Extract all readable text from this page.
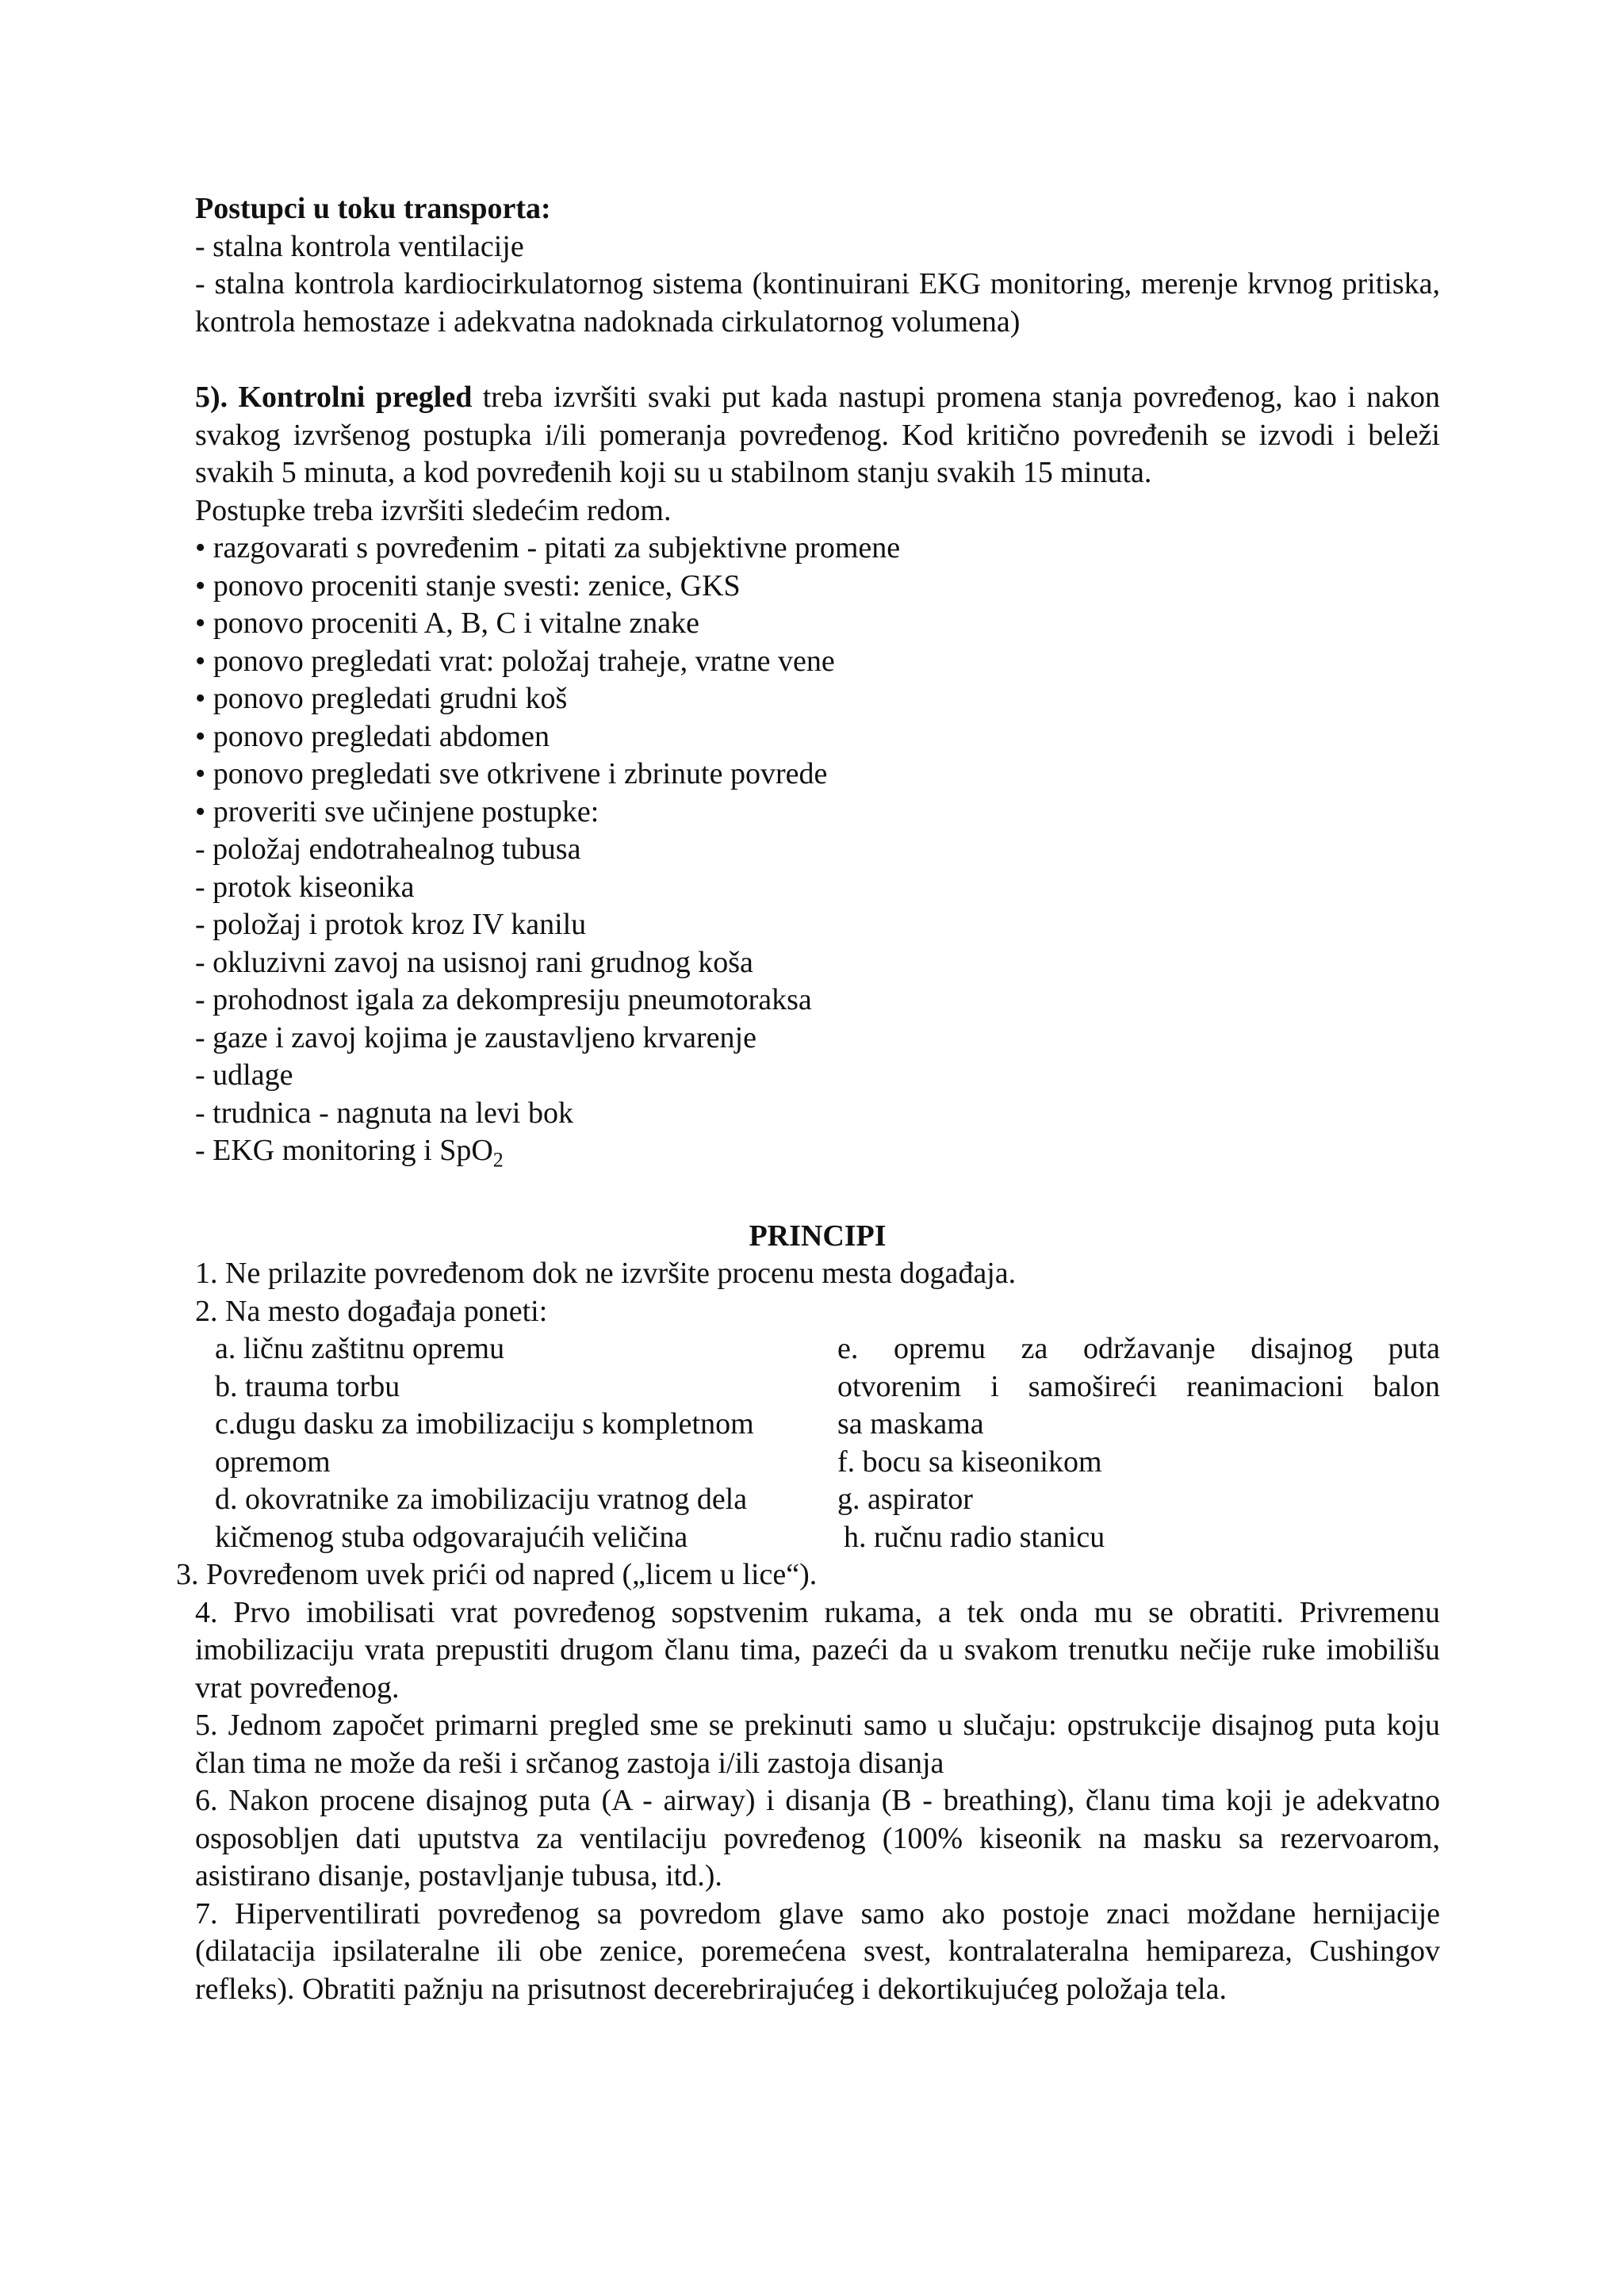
Postupci u toku transporta:
- stalna kontrola ventilacije
- stalna kontrola kardiocirkulatornog sistema (kontinuirani EKG monitoring, merenje krvnog pritiska, kontrola hemostaze i adekvatna nadoknada cirkulatornog volumena)
5). Kontrolni pregled treba izvršiti svaki put kada nastupi promena stanja povređenog, kao i nakon svakog izvršenog postupka i/ili pomeranja povređenog. Kod kritično povređenih se izvodi i beleži svakih 5 minuta, a kod povređenih koji su u stabilnom stanju svakih 15 minuta.
Postupke treba izvršiti sledećim redom.
• razgovarati s povređenim - pitati za subjektivne promene
• ponovo proceniti stanje svesti: zenice, GKS
• ponovo proceniti A, B, C i vitalne znake
• ponovo pregledati vrat: položaj traheje, vratne vene
• ponovo pregledati grudni koš
• ponovo pregledati abdomen
• ponovo pregledati sve otkrivene i zbrinute povrede
• proveriti sve učinjene postupke:
- položaj endotrahealnog tubusa
- protok kiseonika
- položaj i protok kroz IV kanilu
- okluzivni zavoj na usisnoj rani grudnog koša
- prohodnost igala za dekompresiju pneumotoraksa
- gaze i zavoj kojima je zaustavljeno krvarenje
- udlage
- trudnica - nagnuta na levi bok
- EKG monitoring i SpO$_2$
PRINCIPI
1. Ne prilazite povređenom dok ne izvršite procenu mesta događaja.
2. Na mesto događaja poneti:
a. ličnu zaštitnu opremu
b. trauma torbu
c.dugu dasku za imobilizaciju s kompletnom
opremom
d. okovratnike za imobilizaciju vratnog dela
kičmenog stuba odgovarajućih veličina
e. opremu za održavanje disajnog puta
otvorenim i samošireći reanimacioni balon
sa maskama
f. bocu sa kiseonikom
g. aspirator
h. ručnu radio stanicu
3. Povređenom uvek prići od napred („licem u lice“).
4. Prvo imobilisati vrat povređenog sopstvenim rukama, a tek onda mu se obratiti. Privremenu imobilizaciju vrata prepustiti drugom članu tima, pazeći da u svakom trenutku nečije ruke imobilišu vrat povređenog.
5. Jednom započet primarni pregled sme se prekinuti samo u slučaju: opstrukcije disajnog puta koju član tima ne može da reši i srčanog zastoja i/ili zastoja disanja
6. Nakon procene disajnog puta (A - airway) i disanja (B - breathing), članu tima koji je adekvatno osposobljen dati uputstva za ventilaciju povređenog (100% kiseonik na masku sa rezervoarom, asistirano disanje, postavljanje tubusa, itd.).
7. Hiperventilirati povređenog sa povredom glave samo ako postoje znaci moždane hernijacije (dilatacija ipsilateralne ili obe zenice, poremećena svest, kontralateralna hemipareza, Cushingov refleks). Obratiti pažnju na prisutnost decerebrirajućeg i dekortikujućeg položaja tela.
